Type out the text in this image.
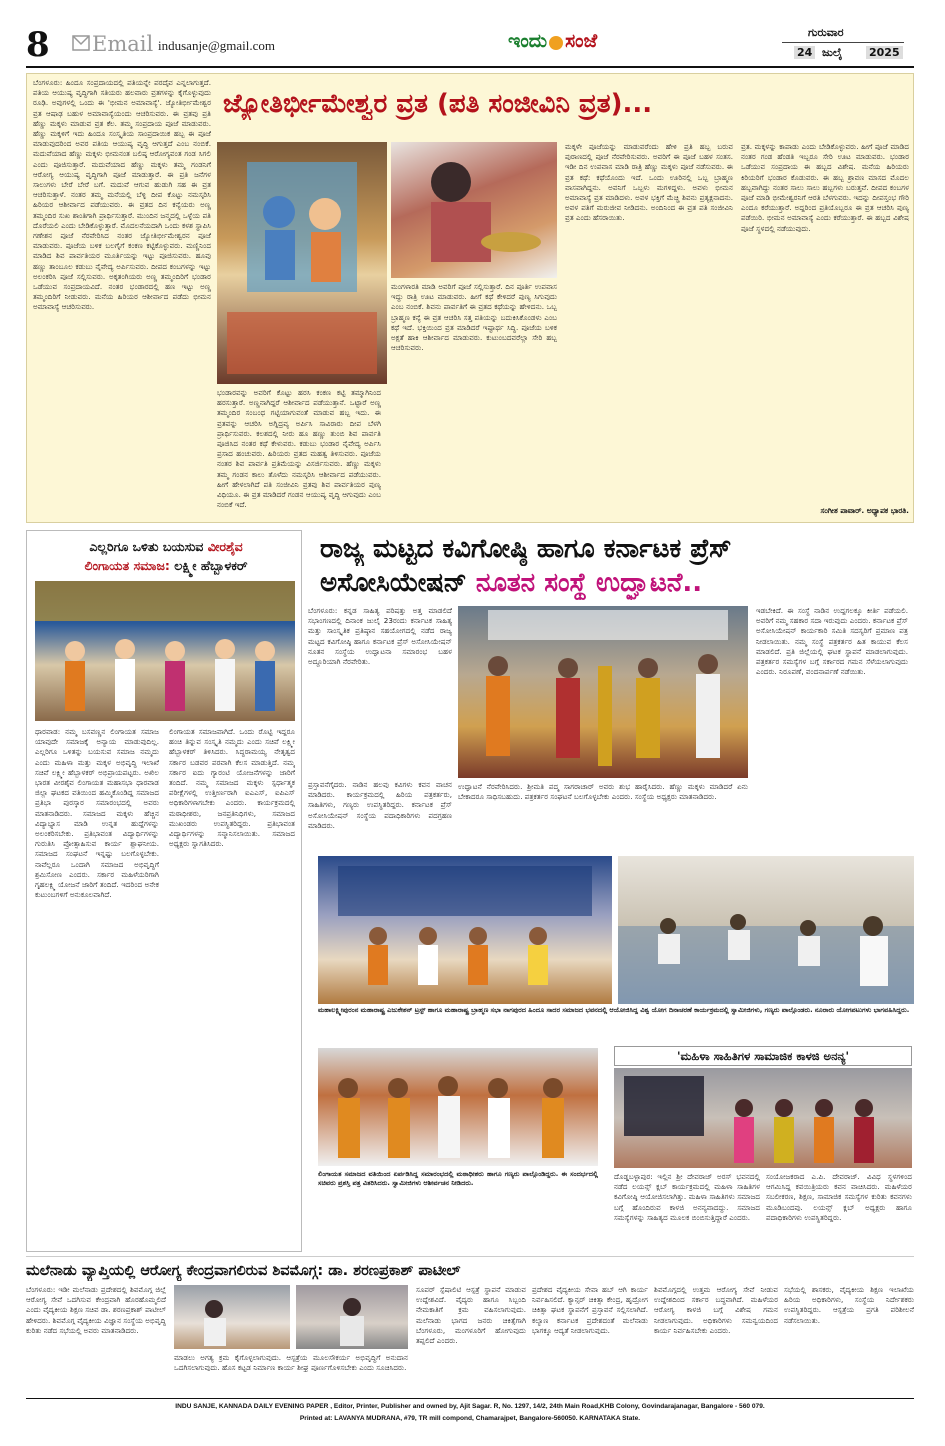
8 Email indusanje@gmail.com	ಇಂದು ಸಂಜೆ	ಗುರುವಾರ
24 ಜುಲೈ 2025
ಬೆಂಗಳೂರು: ಹಿಂದೂ ಸಂಪ್ರದಾಯದಲ್ಲಿ ಪತಿಯನ್ನೇ ಪರದೈವ ಎನ್ನಲಾಗುತ್ತದೆ. ಪತಿಯ ಆಯುಷ್ಯ ವೃದ್ಧಿಗಾಗಿ ಸತಿಯರು ಹಲವಾರು ವ್ರತಗಳನ್ನು ಕೈಗೊಳ್ಳುವುದು ರೂಢಿ. ಅವುಗಳಲ್ಲಿ ಒಂದು ಈ 'ಭೀಮನ ಅಮಾವಾಸ್ಯೆ'. ಜ್ಯೋತಿರ್ಭೀಮೇಶ್ವರ ವ್ರತ ಆಷಾಢ ಬಹುಳ ಅಮಾವಾಸ್ಯೆಯಂದು ಆಚರಿಸುವರು. ಈ ವ್ರತವು ಪ್ರತಿ ಹೆಣ್ಣು ಮಕ್ಕಳು ಮಾಡುವ ವ್ರತ ಕೆಲ. ತಮ್ಮ ಸಂಪ್ರದಾಯ ಪೂಜೆ ಮಾಡುವರು. ಹೆಣ್ಣು ಮಕ್ಕಳಿಗೆ ಇದು ಹಿಂದೂ ಸಂಸ್ಕೃತಿಯ ಸಾಂಪ್ರದಾಯಿಕ ಹಬ್ಬ ಈ ಪೂಜೆ ಮಾಡುವುದರಿಂದ ಅವರ ಪತಿಯ ಆಯುಷ್ಯ ವೃದ್ಧಿ ಆಗುತ್ತದೆ ಎಂಬ ನಂಬಿಕೆ. ಮದುವೆಯಾದ ಹೆಣ್ಣು ಮಕ್ಕಳು ಭೀಮನಂತ ಬಲಿಷ್ಠ ಆರೋಗ್ಯವಂತ ಗಂಡ ಸಿಗಲಿ ಎಂದು ಪೂಜಿಸುತ್ತಾರೆ. ಮದುವೆಯಾದ ಹೆಣ್ಣು ಮಕ್ಕಳು ತಮ್ಮ ಗಂಡನಿಗೆ ಆರೋಗ್ಯ ಆಯುಷ್ಯ ವೃದ್ಧಿಗಾಗಿ ಪೂಜೆ ಮಾಡುತ್ತಾರೆ. ಈ ಪ್ರತಿ ಜನೆಗಳ ಸಾಲುಗಳು ಬೇರೆ ಬೇರೆ ಬಗೆ. ಮದುವೆ ಆಗುವ ಹುಡುಗಿ ಸಹ ಈ ವ್ರತ ಆಚರಿಸುತ್ತಾಳೆ. ನಂತರ ತಮ್ಮ ಮನೆಯಲ್ಲಿ ಬೆಳ್ಳಿ ದೀಪ ಕೊಟ್ಟು ನಮಸ್ಕರಿಸಿ ಹಿರಿಯರ ಆಶೀರ್ವಾದ ಪಡೆಯುವರು. ಈ ವ್ರತದ ದಿನ ಕನ್ಯೆಯರು ಅಣ್ಣ ತಮ್ಮಂದಿರ ಸುಖ ಶಾಂತಿಗಾಗಿ ಪ್ರಾರ್ಥಿಸುತ್ತಾರೆ. ಮುಂದಿನ ಜನ್ಮದಲ್ಲಿ ಒಳ್ಳೆಯ ಪತಿ ದೊರೆಯಲಿ ಎಂದು ಬೇಡಿಕೊಳ್ಳುತ್ತಾರೆ. ಮೊದಲನೆಯದಾಗಿ ಒಂದು ಕಳಶ ಸ್ಥಾಪಿಸಿ ಗಣೇಶನ ಪೂಜೆ ನೆರವೇರಿಸಿದ ನಂತರ ಜ್ಯೋತಿರ್ಭೀಮೇಶ್ವರನ ಪೂಜೆ ಮಾಡುವರು. ಪೂಜೆಯ ಬಳಿಕ ಬಲಗೈಗೆ ಕಂಕಣ ಕಟ್ಟಿಕೊಳ್ಳುವರು. ಮಣ್ಣಿನಿಂದ ಮಾಡಿದ ಶಿವ ಪಾರ್ವತಿಯರ ಮೂರ್ತಿಯನ್ನು ಇಟ್ಟು ಪೂಜಿಸುವರು. ಹೂವು ಹಣ್ಣು ತಾಂಬೂಲ ಕಡುಬು ನೈವೇದ್ಯ ಅರ್ಪಿಸುವರು. ದೀಪದ ಕಂಬಗಳನ್ನು ಇಟ್ಟು ಅಲಂಕರಿಸಿ ಪೂಜೆ ಸಲ್ಲಿಸುವರು. ಅಕ್ಕತಂಗಿಯರು ಅಣ್ಣ ತಮ್ಮಂದಿರಿಗೆ ಭಂಡಾರ ಒಡೆಯುವ ಸಂಪ್ರದಾಯವಿದೆ. ನಂತರ ಭಂಡಾರದಲ್ಲಿ ಹಣ ಇಟ್ಟು ಅಣ್ಣ ತಮ್ಮಂದಿರಿಗೆ ನೀಡುವರು. ಮನೆಯ ಹಿರಿಯರ ಆಶೀರ್ವಾದ ಪಡೆದು ಭೀಮನ ಅಮಾವಾಸ್ಯೆ ಆಚರಿಸುವರು.
ಜ್ಯೋತಿರ್ಭೀಮೇಶ್ವರ ವ್ರತ (ಪತಿ ಸಂಜೀವಿನಿ ವ್ರತ)...
ಭಂಡಾರವನ್ನು ಅವರಿಗೆ ಕೊಟ್ಟು ಹರಸಿ ಕಂಕಣ ಕಟ್ಟಿ ತಮ್ಮಾಗಿನಿಂದ ಹರಸುತ್ತಾರೆ. ಅಣ್ಣನಾಗಿದ್ದರೆ ಆಶೀರ್ವಾದ ಪಡೆಯುತ್ತಾನೆ. ಒಟ್ಟಾರೆ ಅಣ್ಣ ತಮ್ಮಂದಿರ ಸಂಬಂಧ ಗಟ್ಟಿಯಾಗುವಂತೆ ಮಾಡುವ ಹಬ್ಬ ಇದು. ಈ ವ್ರತವನ್ನು ಆಚರಿಸಿ ಅಗ್ನಿದ್ರವ್ಯ ಅರ್ಪಿಸಿ ಸಾವಿರಾರು ದೀಪ ಬೆಳಗಿ ಪ್ರಾರ್ಥಿಸುವರು. ಕಲಶದಲ್ಲಿ ನೀರು ಹೂ ಹಣ್ಣು ತುಂಬಿ ಶಿವ ಪಾರ್ವತಿ ಪೂಜಿಸಿದ ನಂತರ ಕಥೆ ಕೇಳುವರು. ಕಡುಬು ಭಂಡಾರ ನೈವೇದ್ಯ ಅರ್ಪಿಸಿ ಪ್ರಸಾದ ಹಂಚುವರು. ಹಿರಿಯರು ವ್ರತದ ಮಹತ್ವ ತಿಳಿಸುವರು. ಪೂಜೆಯ ನಂತರ ಶಿವ ಪಾರ್ವತಿ ಪ್ರತಿಮೆಯನ್ನು ವಿಸರ್ಜಿಸುವರು. ಹೆಣ್ಣು ಮಕ್ಕಳು ತಮ್ಮ ಗಂಡನ ಕಾಲು ತೊಳೆದು ನಮಸ್ಕರಿಸಿ ಆಶೀರ್ವಾದ ಪಡೆಯುವರು. ಹೀಗೆ ಹೇಳಲಾಗಿದೆ ಪತಿ ಸಂಜೀವಿನಿ ವ್ರತವು ಶಿವ ಪಾರ್ವತಿಯರ ಪುಣ್ಯ ವಿಧಿಯೂ. ಈ ವ್ರತ ಮಾಡಿದರೆ ಗಂಡನ ಆಯುಷ್ಯ ವೃದ್ಧಿ ಆಗುವುದು ಎಂಬ ನಂಬಿಕೆ ಇದೆ.
ಮಂಗಳಾರತಿ ಮಾಡಿ ಅವರಿಗೆ ಪೂಜೆ ಸಲ್ಲಿಸುತ್ತಾರೆ. ದಿನ ಪೂರ್ತಿ ಉಪವಾಸ ಇದ್ದು ರಾತ್ರಿ ಊಟ ಮಾಡುವರು. ಹೀಗೆ ಕಥೆ ಕೇಳಿದರೆ ಪುಣ್ಯ ಸಿಗುವುದು ಎಂಬ ನಂಬಿಕೆ. ಶಿವನು ಪಾರ್ವತಿಗೆ ಈ ವ್ರತದ ಕಥೆಯನ್ನು ಹೇಳಿದನು. ಒಬ್ಬ ಬ್ರಾಹ್ಮಣ ಕನ್ಯೆ ಈ ವ್ರತ ಆಚರಿಸಿ ಸತ್ತ ಪತಿಯನ್ನು ಬದುಕಿಸಿಕೊಂಡಳು ಎಂಬ ಕಥೆ ಇದೆ. ಭಕ್ತಿಯಿಂದ ವ್ರತ ಮಾಡಿದರೆ ಇಷ್ಟಾರ್ಥ ಸಿದ್ಧಿ. ಪೂಜೆಯ ಬಳಿಕ ಅಕ್ಷತೆ ಹಾಕಿ ಆಶೀರ್ವಾದ ಮಾಡುವರು. ಕುಟುಂಬದವರೆಲ್ಲಾ ಸೇರಿ ಹಬ್ಬ ಆಚರಿಸುವರು.
ಮಕ್ಕಳೇ ಪೂಜೆಯನ್ನು ಮಾಡುವರೆಂದು ಹೇಳಿ ಪ್ರತಿ ಹಬ್ಬ ಬರುವ ಪುರಾಣದಲ್ಲಿ ಪೂಜೆ ನೆರವೇರಿಸುವರು. ಅವರಿಗೆ ಈ ಪೂಜೆ ಬಹಳ ಸಂತಸ. ಇಡೀ ದಿನ ಉಪವಾಸ ಮಾಡಿ ರಾತ್ರಿ ಹೆಣ್ಣು ಮಕ್ಕಳು ಪೂಜೆ ನಡೆಸುವರು. ಈ ವ್ರತ ಕಥೆ: ಕಥೆಯೊಂದು ಇದೆ. ಒಂದು ಊರಿನಲ್ಲಿ ಒಬ್ಬ ಬ್ರಾಹ್ಮಣ ವಾಸವಾಗಿದ್ದನು. ಅವನಿಗೆ ಒಬ್ಬಳು ಮಗಳಿದ್ದಳು. ಅವಳು ಭೀಮನ ಅಮಾವಾಸ್ಯೆ ವ್ರತ ಮಾಡಿದಳು. ಅವಳ ಭಕ್ತಿಗೆ ಮೆಚ್ಚಿ ಶಿವನು ಪ್ರತ್ಯಕ್ಷನಾದನು. ಅವಳ ಪತಿಗೆ ಮರುಜೀವ ನೀಡಿದನು. ಅಂದಿನಿಂದ ಈ ವ್ರತ ಪತಿ ಸಂಜೀವಿನಿ ವ್ರತ ಎಂದು ಹೆಸರಾಯಿತು.
ವ್ರತ. ಮಕ್ಕಳನ್ನು ಕಾಪಾಡು ಎಂದು ಬೇಡಿಕೊಳ್ಳುವರು. ಹೀಗೆ ಪೂಜೆ ಮಾಡಿದ ನಂತರ ಗಂಡ ಹೆಂಡತಿ ಇಬ್ಬರೂ ಸೇರಿ ಊಟ ಮಾಡುವರು. ಭಂಡಾರ ಒಡೆಯುವ ಸಂಪ್ರದಾಯ ಈ ಹಬ್ಬದ ವಿಶೇಷ. ಮನೆಯ ಹಿರಿಯರು ಕಿರಿಯರಿಗೆ ಭಂಡಾರ ಕೊಡುವರು. ಈ ಹಬ್ಬ ಶ್ರಾವಣ ಮಾಸದ ಮೊದಲ ಹಬ್ಬವಾಗಿದ್ದು ನಂತರ ಸಾಲು ಸಾಲು ಹಬ್ಬಗಳು ಬರುತ್ತವೆ. ದೀಪದ ಕಂಬಗಳ ಪೂಜೆ ಮಾಡಿ ಭೀಮೇಶ್ವರನಿಗೆ ಆರತಿ ಬೆಳಗುವರು. ಇದನ್ನು ದೀಪಸ್ತಂಭ ಗೌರಿ ಎಂದೂ ಕರೆಯುತ್ತಾರೆ. ಅದ್ದರಿಂದ ಪ್ರತಿಯೊಬ್ಬರೂ ಈ ವ್ರತ ಆಚರಿಸಿ ಪುಣ್ಯ ಪಡೆಯಿರಿ. ಭೀಮನ ಅಮಾವಾಸ್ಯೆ ಎಂದು ಕರೆಯುತ್ತಾರೆ. ಈ ಹಬ್ಬದ ವಿಶೇಷ ಪೂಜೆ ಸ್ಥಳದಲ್ಲಿ ನಡೆಯುವುದು.
ಸಂಗೀತ ಪಾವಾರ್. ಅಧ್ಯಾಪಕ ಭಾರತಿ.
ಎಲ್ಲರಿಗೂ ಒಳಿತು ಬಯಸುವ ವೀರಶೈವ
ಲಿಂಗಾಯತ ಸಮಾಜ: ಲಕ್ಷ್ಮೀ ಹೆಬ್ಬಾಳಕರ್
ಧಾರವಾಡ: ನಮ್ಮ ಬಸವಣ್ಣನ ಲಿಂಗಾಯತ ಸಮಾಜ ಯಾವುದೇ ಸಮಾಜಕ್ಕೆ ಅನ್ಯಾಯ ಮಾಡುವುದಿಲ್ಲ. ಎಲ್ಲರಿಗೂ ಒಳಿತನ್ನು ಬಯಸುವ ಸಮಾಜ ನಮ್ಮದು ಎಂದು ಮಹಿಳಾ ಮತ್ತು ಮಕ್ಕಳ ಅಭಿವೃದ್ಧಿ ಇಲಾಖೆ ಸಚಿವೆ ಲಕ್ಷ್ಮೀ ಹೆಬ್ಬಾಳಕರ್ ಅಭಿಪ್ರಾಯಪಟ್ಟರು. ಅಖಿಲ ಭಾರತ ವೀರಶೈವ ಲಿಂಗಾಯತ ಮಹಾಸಭಾ ಧಾರವಾಡ ಜಿಲ್ಲಾ ಘಟಕದ ವತಿಯಿಂದ ಹಮ್ಮಿಕೊಂಡಿದ್ದ ಸಮಾಜದ ಪ್ರತಿಭಾ ಪುರಸ್ಕಾರ ಸಮಾರಂಭದಲ್ಲಿ ಅವರು ಮಾತನಾಡಿದರು. ಸಮಾಜದ ಮಕ್ಕಳು ಹೆಚ್ಚಿನ ವಿದ್ಯಾಭ್ಯಾಸ ಮಾಡಿ ಉನ್ನತ ಹುದ್ದೆಗಳನ್ನು ಅಲಂಕರಿಸಬೇಕು. ಪ್ರತಿಭಾವಂತ ವಿದ್ಯಾರ್ಥಿಗಳನ್ನು ಗುರುತಿಸಿ ಪ್ರೋತ್ಸಾಹಿಸುವ ಕಾರ್ಯ ಶ್ಲಾಘನೀಯ. ಸಮಾಜದ ಸಂಘಟನೆ ಇನ್ನಷ್ಟು ಬಲಗೊಳ್ಳಬೇಕು. ನಾವೆಲ್ಲರೂ ಒಂದಾಗಿ ಸಮಾಜದ ಅಭಿವೃದ್ಧಿಗೆ ಶ್ರಮಿಸೋಣ ಎಂದರು. ಸರ್ಕಾರ ಮಹಿಳೆಯರಿಗಾಗಿ ಗೃಹಲಕ್ಷ್ಮಿ ಯೋಜನೆ ಜಾರಿಗೆ ತಂದಿದೆ. ಇದರಿಂದ ಅನೇಕ ಕುಟುಂಬಗಳಿಗೆ ಅನುಕೂಲವಾಗಿದೆ.
ಲಿಂಗಾಯತ ಸಮಾಜವಾಗಿದೆ. ಒಂದು ರೊಟ್ಟಿ ಇದ್ದರೂ ಹಂಚಿ ತಿನ್ನುವ ಸಂಸ್ಕೃತಿ ನಮ್ಮದು ಎಂದು ಸಚಿವೆ ಲಕ್ಷ್ಮೀ ಹೆಬ್ಬಾಳಕರ್ ತಿಳಿಸಿದರು. ಸಿದ್ಧರಾಮಯ್ಯ ನೇತೃತ್ವದ ಸರ್ಕಾರ ಬಡವರ ಪರವಾಗಿ ಕೆಲಸ ಮಾಡುತ್ತಿದೆ. ನಮ್ಮ ಸರ್ಕಾರ ಐದು ಗ್ಯಾರಂಟಿ ಯೋಜನೆಗಳನ್ನು ಜಾರಿಗೆ ತಂದಿದೆ. ನಮ್ಮ ಸಮಾಜದ ಮಕ್ಕಳು ಸ್ಪರ್ಧಾತ್ಮಕ ಪರೀಕ್ಷೆಗಳಲ್ಲಿ ಉತ್ತೀರ್ಣರಾಗಿ ಐಎಎಸ್, ಐಪಿಎಸ್ ಅಧಿಕಾರಿಗಳಾಗಬೇಕು ಎಂದರು. ಕಾರ್ಯಕ್ರಮದಲ್ಲಿ ಮಠಾಧೀಶರು, ಜನಪ್ರತಿನಿಧಿಗಳು, ಸಮಾಜದ ಮುಖಂಡರು ಉಪಸ್ಥಿತರಿದ್ದರು. ಪ್ರತಿಭಾವಂತ ವಿದ್ಯಾರ್ಥಿಗಳನ್ನು ಸನ್ಮಾನಿಸಲಾಯಿತು. ಸಮಾಜದ ಅಧ್ಯಕ್ಷರು ಸ್ವಾಗತಿಸಿದರು.
ರಾಜ್ಯ ಮಟ್ಟದ ಕವಿಗೋಷ್ಠಿ ಹಾಗೂ ಕರ್ನಾಟಕ ಪ್ರೆಸ್
ಅಸೋಸಿಯೇಷನ್ ನೂತನ ಸಂಸ್ಥೆ ಉದ್ಘಾಟನೆ..
ಬೆಂಗಳೂರು: ಕನ್ನಡ ಸಾಹಿತ್ಯ ಪರಿಷತ್ತು ಅತ್ತ ಮಾಡಲಿದೆ ಸಭಾಂಗಣದಲ್ಲಿ ದಿನಾಂಕ ಜುಲೈ 23ರಂದು ಕರ್ನಾಟಕ ಸಾಹಿತ್ಯ ಮತ್ತು ಸಾಂಸ್ಕೃತಿಕ ಪ್ರತಿಷ್ಠಾನ ಸಹಯೋಗದಲ್ಲಿ ನಡೆದ ರಾಜ್ಯ ಮಟ್ಟದ ಕವಿಗೋಷ್ಠಿ ಹಾಗೂ ಕರ್ನಾಟಕ ಪ್ರೆಸ್ ಅಸೋಸಿಯೇಷನ್ ನೂತನ ಸಂಸ್ಥೆಯ ಉದ್ಘಾಟನಾ ಸಮಾರಂಭ ಬಹಳ ಅದ್ದೂರಿಯಾಗಿ ನೆರವೇರಿತು.
ಇಡಬೇಕಿದೆ. ಈ ಸಂಸ್ಥೆ ನಾಡಿನ ಉದ್ದಗಲಕ್ಕೂ ಕೀರ್ತಿ ಪಡೆಯಲಿ. ಅವರಿಗೆ ನಮ್ಮ ಸಹಕಾರ ಸದಾ ಇರುವುದು ಎಂದರು. ಕರ್ನಾಟಕ ಪ್ರೆಸ್ ಅಸೋಸಿಯೇಷನ್ ಕಾರ್ಯಕಾರಿ ಸಮಿತಿ ಸದಸ್ಯರಿಗೆ ಪ್ರಮಾಣ ಪತ್ರ ನೀಡಲಾಯಿತು. ನಮ್ಮ ಸಂಸ್ಥೆ ಪತ್ರಕರ್ತರ ಹಿತ ಕಾಯುವ ಕೆಲಸ ಮಾಡಲಿದೆ. ಪ್ರತಿ ಜಿಲ್ಲೆಯಲ್ಲಿ ಘಟಕ ಸ್ಥಾಪನೆ ಮಾಡಲಾಗುವುದು. ಪತ್ರಕರ್ತರ ಸಮಸ್ಯೆಗಳ ಬಗ್ಗೆ ಸರ್ಕಾರದ ಗಮನ ಸೆಳೆಯಲಾಗುವುದು ಎಂದರು. ನಿರೂಪಣೆ, ವಂದನಾರ್ಪಣೆ ನಡೆಯಿತು.
ಪ್ರಸ್ತಾವನೆಗೈದರು. ನಾಡಿನ ಹಲವು ಕವಿಗಳು ಕವನ ವಾಚನ ಮಾಡಿದರು. ಕಾರ್ಯಕ್ರಮದಲ್ಲಿ ಹಿರಿಯ ಪತ್ರಕರ್ತರು, ಸಾಹಿತಿಗಳು, ಗಣ್ಯರು ಉಪಸ್ಥಿತರಿದ್ದರು. ಕರ್ನಾಟಕ ಪ್ರೆಸ್ ಅಸೋಸಿಯೇಷನ್ ಸಂಸ್ಥೆಯ ಪದಾಧಿಕಾರಿಗಳು ಪದಗ್ರಹಣ ಮಾಡಿದರು.
ಉದ್ಘಾಟನೆ ನೆರವೇರಿಸಿದರು. ಶ್ರೀಮತಿ ಪದ್ಮ ಸಾಗರಾಚಾರ್ ಅವರು ಶುಭ ಹಾರೈಸಿದರು. ಹೆಣ್ಣು ಮಕ್ಕಳು ಮಾಡಿದರೆ ಏನು ಬೇಕಾದರೂ ಸಾಧಿಸಬಹುದು. ಪತ್ರಕರ್ತರ ಸಂಘಟನೆ ಬಲಗೊಳ್ಳಬೇಕು ಎಂದರು. ಸಂಸ್ಥೆಯ ಅಧ್ಯಕ್ಷರು ಮಾತನಾಡಿದರು.
ಮಹಾಲಕ್ಷ್ಮೀಪುರಂನ ಮಹಾರಾಷ್ಟ್ರ ಎಜುಕೇಶನ್ ಟ್ರಸ್ಟ್ ಹಾಗೂ ಮಹಾರಾಷ್ಟ್ರ ಬ್ರಾಹ್ಮಣ ಸಭಾ ನಾಗಪುರದ ಹಿಂದೂ ಸಾದರ ಸಮಾಜದ ಭವನದಲ್ಲಿ ಆಯೋಜಿಸಿದ್ದ ವಿಶ್ವ ಯೋಗ ದಿನಾಚರಣೆ ಕಾರ್ಯಕ್ರಮದಲ್ಲಿ ಸ್ವಾಮೀಜಿಗಳು, ಗಣ್ಯರು ಪಾಲ್ಗೊಂಡರು. ನೂರಾರು ಯೋಗಪಟುಗಳು ಭಾಗವಹಿಸಿದ್ದರು.
ಲಿಂಗಾಯತ ಸಮಾಜದ ವತಿಯಿಂದ ಏರ್ಪಡಿಸಿದ್ದ ಸಮಾರಂಭದಲ್ಲಿ ಮಠಾಧೀಶರು ಹಾಗೂ ಗಣ್ಯರು ಪಾಲ್ಗೊಂಡಿದ್ದರು. ಈ ಸಂದರ್ಭದಲ್ಲಿ ಸಚಿವರು ಪ್ರಶಸ್ತಿ ಪತ್ರ ವಿತರಿಸಿದರು. ಸ್ವಾಮೀಜಿಗಳು ಆಶೀರ್ವಚನ ನೀಡಿದರು.
'ಮಹಿಳಾ ಸಾಹಿತಿಗಳ ಸಾಮಾಜಿಕ ಕಾಳಜಿ ಅನನ್ಯ'
ದೊಡ್ಡಬಳ್ಳಾಪುರ: ಇಲ್ಲಿನ ಶ್ರೀ ದೇವರಾಜ್ ಅರಸ್ ಭವನದಲ್ಲಿ ನಡೆದ ಲಯನ್ಸ್ ಕ್ಲಬ್ ಕಾರ್ಯಕ್ರಮದಲ್ಲಿ ಮಹಿಳಾ ಸಾಹಿತಿಗಳ ಕವಿಗೋಷ್ಠಿ ಆಯೋಜಿಸಲಾಗಿತ್ತು. ಮಹಿಳಾ ಸಾಹಿತಿಗಳು ಸಮಾಜದ ಬಗ್ಗೆ ಹೊಂದಿರುವ ಕಾಳಜಿ ಅನನ್ಯವಾದದ್ದು. ಸಮಾಜದ ಸಮಸ್ಯೆಗಳನ್ನು ಸಾಹಿತ್ಯದ ಮೂಲಕ ಬಿಂಬಿಸುತ್ತಿದ್ದಾರೆ ಎಂದರು.
ಸಂಯೋಜಕರಾದ ಎ.ಪಿ. ದೇವರಾಜ್. ವಿವಿಧ ಸ್ಥಳಗಳಿಂದ ಆಗಮಿಸಿದ್ದ ಕವಯಿತ್ರಿಯರು ಕವನ ವಾಚಿಸಿದರು. ಮಹಿಳೆಯರ ಸಬಲೀಕರಣ, ಶಿಕ್ಷಣ, ಸಾಮಾಜಿಕ ಸಮಸ್ಯೆಗಳ ಕುರಿತು ಕವನಗಳು ಮೂಡಿಬಂದವು. ಲಯನ್ಸ್ ಕ್ಲಬ್ ಅಧ್ಯಕ್ಷರು ಹಾಗೂ ಪದಾಧಿಕಾರಿಗಳು ಉಪಸ್ಥಿತರಿದ್ದರು.
ಮಲೆನಾಡು ವ್ಯಾಪ್ತಿಯಲ್ಲಿ ಆರೋಗ್ಯ ಕೇಂದ್ರವಾಗಲಿರುವ ಶಿವಮೊಗ್ಗ: ಡಾ. ಶರಣಪ್ರಕಾಶ್ ಪಾಟೀಲ್
ಬೆಂಗಳೂರು: ಇಡೀ ಮಲೆನಾಡು ಪ್ರದೇಶದಲ್ಲಿ ಶಿವಮೊಗ್ಗ ಜಿಲ್ಲೆ ಆರೋಗ್ಯ ಸೇವೆ ಒದಗಿಸುವ ಕೇಂದ್ರವಾಗಿ ಹೊರಹೊಮ್ಮಲಿದೆ ಎಂದು ವೈದ್ಯಕೀಯ ಶಿಕ್ಷಣ ಸಚಿವ ಡಾ. ಶರಣಪ್ರಕಾಶ್ ಪಾಟೀಲ್ ಹೇಳಿದರು. ಶಿವಮೊಗ್ಗ ವೈದ್ಯಕೀಯ ವಿಜ್ಞಾನ ಸಂಸ್ಥೆಯ ಅಭಿವೃದ್ಧಿ ಕುರಿತು ನಡೆದ ಸಭೆಯಲ್ಲಿ ಅವರು ಮಾತನಾಡಿದರು.
ಮಾಡಲು ಅಗತ್ಯ ಕ್ರಮ ಕೈಗೊಳ್ಳಲಾಗುವುದು. ಆಸ್ಪತ್ರೆಯ ಮೂಲಸೌಕರ್ಯ ಅಭಿವೃದ್ಧಿಗೆ ಅನುದಾನ ಒದಗಿಸಲಾಗುವುದು. ಹೊಸ ಕಟ್ಟಡ ನಿರ್ಮಾಣ ಕಾರ್ಯ ಶೀಘ್ರ ಪೂರ್ಣಗೊಳಿಸಬೇಕು ಎಂದು ಸೂಚಿಸಿದರು.
ಸೂಪರ್ ಸ್ಪೆಷಾಲಿಟಿ ಆಸ್ಪತ್ರೆ ಸ್ಥಾಪನೆ ಮಾಡುವ ಉದ್ದೇಶವಿದೆ. ವೈದ್ಯರು ಹಾಗೂ ಸಿಬ್ಬಂದಿ ನೇಮಕಾತಿಗೆ ಕ್ರಮ ವಹಿಸಲಾಗುವುದು. ಮಲೆನಾಡು ಭಾಗದ ಜನರು ಚಿಕಿತ್ಸೆಗಾಗಿ ಬೆಂಗಳೂರು, ಮಂಗಳೂರಿಗೆ ಹೋಗುವುದು ತಪ್ಪಲಿದೆ ಎಂದರು.
ಪ್ರದೇಶದ ವೈದ್ಯಕೀಯ ಸೇವಾ ಹಬ್ ಆಗಿ ಕಾರ್ಯ ನಿರ್ವಹಿಸಲಿದೆ. ಕ್ಯಾನ್ಸರ್ ಚಿಕಿತ್ಸಾ ಕೇಂದ್ರ, ಹೃದ್ರೋಗ ಚಿಕಿತ್ಸಾ ಘಟಕ ಸ್ಥಾಪನೆಗೆ ಪ್ರಸ್ತಾವನೆ ಸಲ್ಲಿಸಲಾಗಿದೆ. ಕಲ್ಯಾಣ ಕರ್ನಾಟಕ ಪ್ರದೇಶದಂತೆ ಮಲೆನಾಡು ಭಾಗಕ್ಕೂ ಆದ್ಯತೆ ನೀಡಲಾಗುವುದು.
ಶಿವಮೊಗ್ಗದಲ್ಲಿ ಉತ್ತಮ ಆರೋಗ್ಯ ಸೇವೆ ನೀಡುವ ಉದ್ದೇಶದಿಂದ ಸರ್ಕಾರ ಬದ್ಧವಾಗಿದೆ. ಮಹಿಳೆಯರ ಆರೋಗ್ಯ ಕಾಳಜಿ ಬಗ್ಗೆ ವಿಶೇಷ ಗಮನ ನೀಡಲಾಗುವುದು. ಅಧಿಕಾರಿಗಳು ಸಮನ್ವಯದಿಂದ ಕಾರ್ಯ ನಿರ್ವಹಿಸಬೇಕು ಎಂದರು.
ಸಭೆಯಲ್ಲಿ ಶಾಸಕರು, ವೈದ್ಯಕೀಯ ಶಿಕ್ಷಣ ಇಲಾಖೆಯ ಹಿರಿಯ ಅಧಿಕಾರಿಗಳು, ಸಂಸ್ಥೆಯ ನಿರ್ದೇಶಕರು ಉಪಸ್ಥಿತರಿದ್ದರು. ಆಸ್ಪತ್ರೆಯ ಪ್ರಗತಿ ಪರಿಶೀಲನೆ ನಡೆಸಲಾಯಿತು.
INDU SANJE, KANNADA DAILY EVENING PAPER , Editor, Printer, Publisher and owned by, Ajit Sagar. R, No. 1297, 14/2, 24th Main Road,KHB Colony, Govindarajanagar, Bangalore - 560 079.
Printed at: LAVANYA MUDRANA, #79, TR mill compond, Chamarajpet, Bangalore-560050. KARNATAKA State.
